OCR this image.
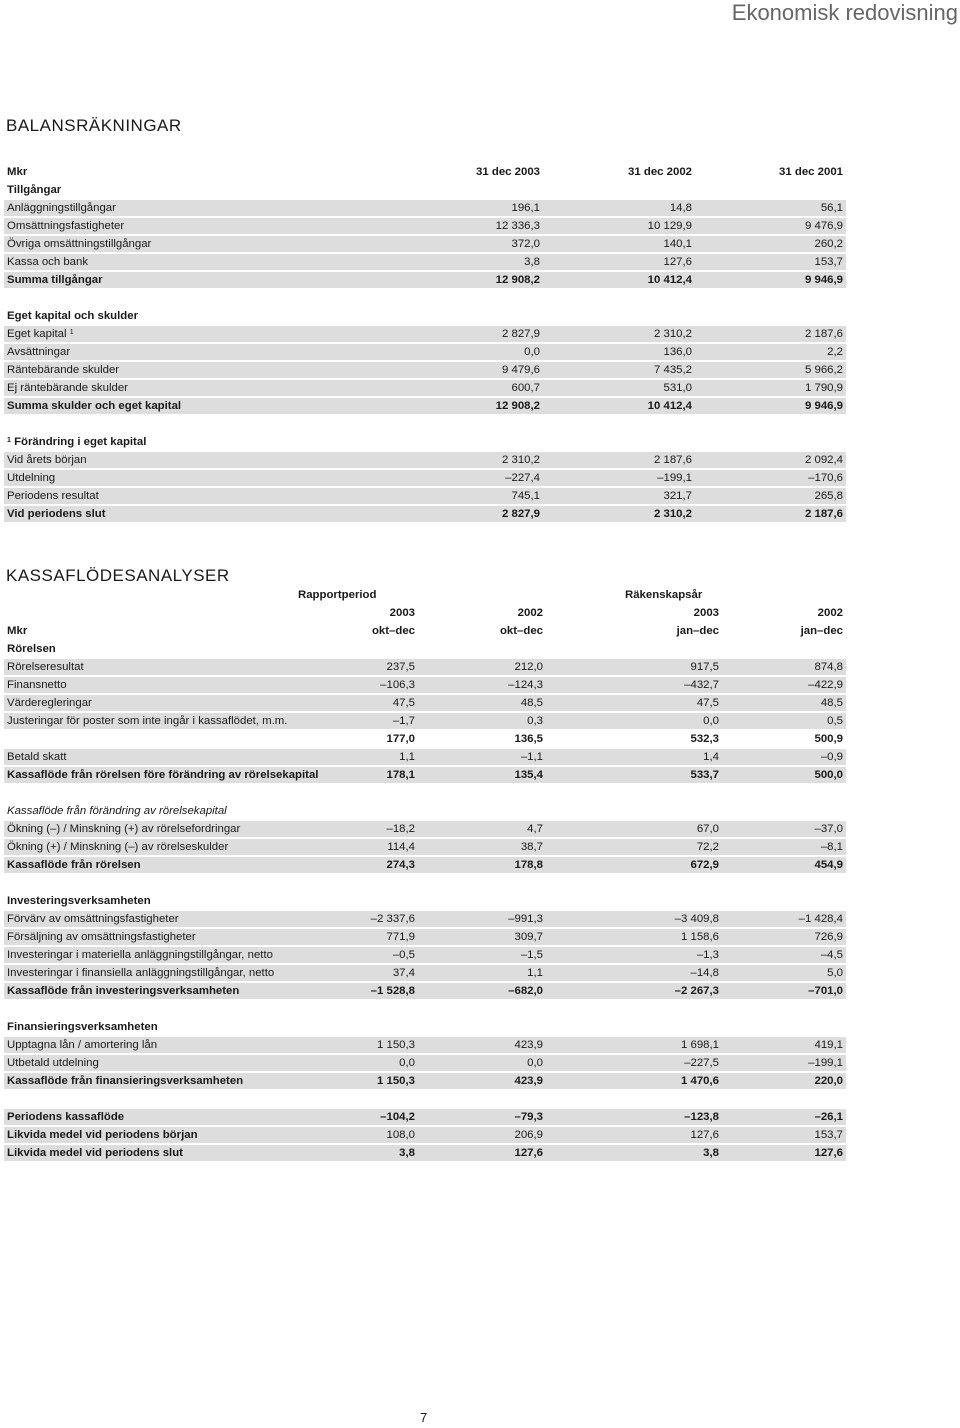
Ekonomisk redovisning
BALANSRÄKNINGAR
Mkr	31 dec 2003	31 dec 2002	31 dec 2001
Tillgångar			
Anläggningstillgångar	196,1	14,8	56,1
Omsättningsfastigheter	12 336,3	10 129,9	9 476,9
Övriga omsättningstillgångar	372,0	140,1	260,2
Kassa och bank	3,8	127,6	153,7
Summa tillgångar	12 908,2	10 412,4	9 946,9

Eget kapital och skulder			
Eget kapital $^1$	2 827,9	2 310,2	2 187,6
Avsättningar	0,0	136,0	2,2
Räntebärande skulder	9 479,6	7 435,2	5 966,2
Ej räntebärande skulder	600,7	531,0	1 790,9
Summa skulder och eget kapital	12 908,2	10 412,4	9 946,9

$^1$ Förändring i eget kapital			
Vid årets början	2 310,2	2 187,6	2 092,4
Utdelning	–227,4	–199,1	–170,6
Periodens resultat	745,1	321,7	265,8
Vid periodens slut	2 827,9	2 310,2	2 187,6
KASSAFLÖDESANALYSER
		Rapportperiod		Räkenskapsår
	2003	2002	2003	2002
Mkr	okt–dec	okt–dec	jan–dec	jan–dec
Rörelsen
Rörelseresultat	237,5	212,0	917,5	874,8
Finansnetto	–106,3	–124,3	–432,7	–422,9
Värderegleringar	47,5	48,5	47,5	48,5
Justeringar för poster som inte ingår i kassaflödet, m.m.	–1,7	0,3	0,0	0,5
	177,0	136,5	532,3	500,9
Betald skatt	1,1	–1,1	1,4	–0,9
Kassaflöde från rörelsen före förändring av rörelsekapital	178,1	135,4	533,7	500,0

Kassaflöde från förändring av rörelsekapital
Ökning (–) / Minskning (+) av rörelsefordringar	–18,2	4,7	67,0	–37,0
Ökning (+) / Minskning (–) av rörelseskulder	114,4	38,7	72,2	–8,1
Kassaflöde från rörelsen	274,3	178,8	672,9	454,9

Investeringsverksamheten
Förvärv av omsättningsfastigheter	–2 337,6	–991,3	–3 409,8	–1 428,4
Försäljning av omsättningsfastigheter	771,9	309,7	1 158,6	726,9
Investeringar i materiella anläggningstillgångar, netto	–0,5	–1,5	–1,3	–4,5
Investeringar i finansiella anläggningstillgångar, netto	37,4	1,1	–14,8	5,0
Kassaflöde från investeringsverksamheten	–1 528,8	–682,0	–2 267,3	–701,0

Finansieringsverksamheten
Upptagna lån / amortering lån	1 150,3	423,9	1 698,1	419,1
Utbetald utdelning	0,0	0,0	–227,5	–199,1
Kassaflöde från finansieringsverksamheten	1 150,3	423,9	1 470,6	220,0

Periodens kassaflöde	–104,2	–79,3	–123,8	–26,1
Likvida medel vid periodens början	108,0	206,9	127,6	153,7
Likvida medel vid periodens slut	3,8	127,6	3,8	127,6
7
